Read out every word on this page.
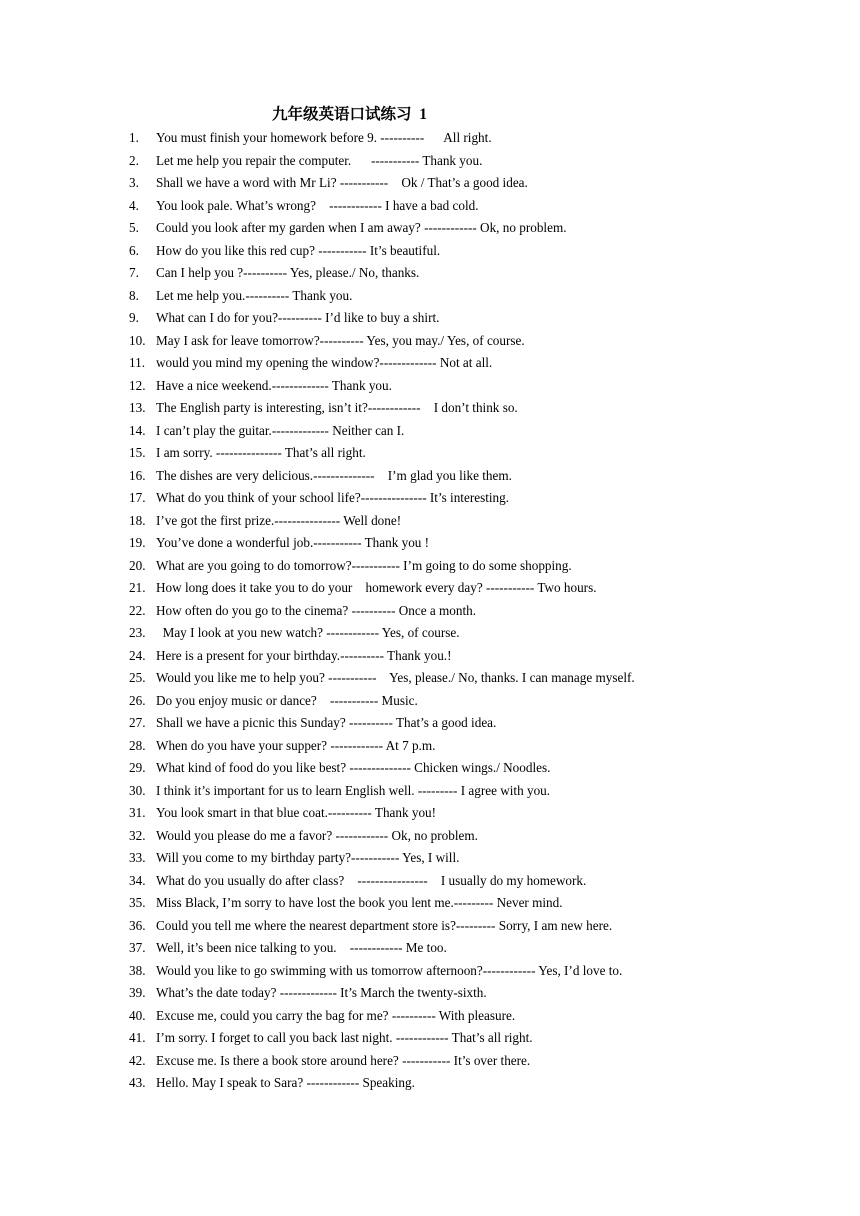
九年级英语口试练习  1
1. You must finish your homework before 9. ----------      All right.
2. Let me help you repair the computer.      ----------- Thank you.
3. Shall we have a word with Mr Li? -----------    Ok / That’s a good idea.
4. You look pale. What’s wrong?    ------------ I have a bad cold.
5. Could you look after my garden when I am away? ------------ Ok, no problem.
6. How do you like this red cup? ----------- It’s beautiful.
7. Can I help you ?---------- Yes, please./ No, thanks.
8. Let me help you.---------- Thank you.
9. What can I do for you?---------- I’d like to buy a shirt.
10. May I ask for leave tomorrow?---------- Yes, you may./ Yes, of course.
11. would you mind my opening the window?------------- Not at all.
12. Have a nice weekend.------------- Thank you.
13. The English party is interesting, isn’t it?------------    I don’t think so.
14. I can’t play the guitar.------------- Neither can I.
15. I am sorry. --------------- That’s all right.
16. The dishes are very delicious.--------------    I’m glad you like them.
17. What do you think of your school life?--------------- It’s interesting.
18. I’ve got the first prize.--------------- Well done!
19. You’ve done a wonderful job.----------- Thank you !
20. What are you going to do tomorrow?----------- I’m going to do some shopping.
21. How long does it take you to do your    homework every day? ----------- Two hours.
22. How often do you go to the cinema? ---------- Once a month.
23. May I look at you new watch? ------------ Yes, of course.
24. Here is a present for your birthday.---------- Thank you.!
25. Would you like me to help you? -----------    Yes, please./ No, thanks. I can manage myself.
26. Do you enjoy music or dance?    ----------- Music.
27. Shall we have a picnic this Sunday? ---------- That’s a good idea.
28. When do you have your supper? ------------ At 7 p.m.
29. What kind of food do you like best? -------------- Chicken wings./ Noodles.
30. I think it’s important for us to learn English well. --------- I agree with you.
31. You look smart in that blue coat.---------- Thank you!
32. Would you please do me a favor? ------------ Ok, no problem.
33. Will you come to my birthday party?----------- Yes, I will.
34. What do you usually do after class?    ----------------    I usually do my homework.
35. Miss Black, I’m sorry to have lost the book you lent me.--------- Never mind.
36. Could you tell me where the nearest department store is?--------- Sorry, I am new here.
37. Well, it’s been nice talking to you.    ------------ Me too.
38. Would you like to go swimming with us tomorrow afternoon?------------ Yes, I’d love to.
39. What’s the date today? ------------- It’s March the twenty-sixth.
40. Excuse me, could you carry the bag for me? ---------- With pleasure.
41. I’m sorry. I forget to call you back last night. ------------ That’s all right.
42. Excuse me. Is there a book store around here? ----------- It’s over there.
43. Hello. May I speak to Sara? ------------ Speaking.
